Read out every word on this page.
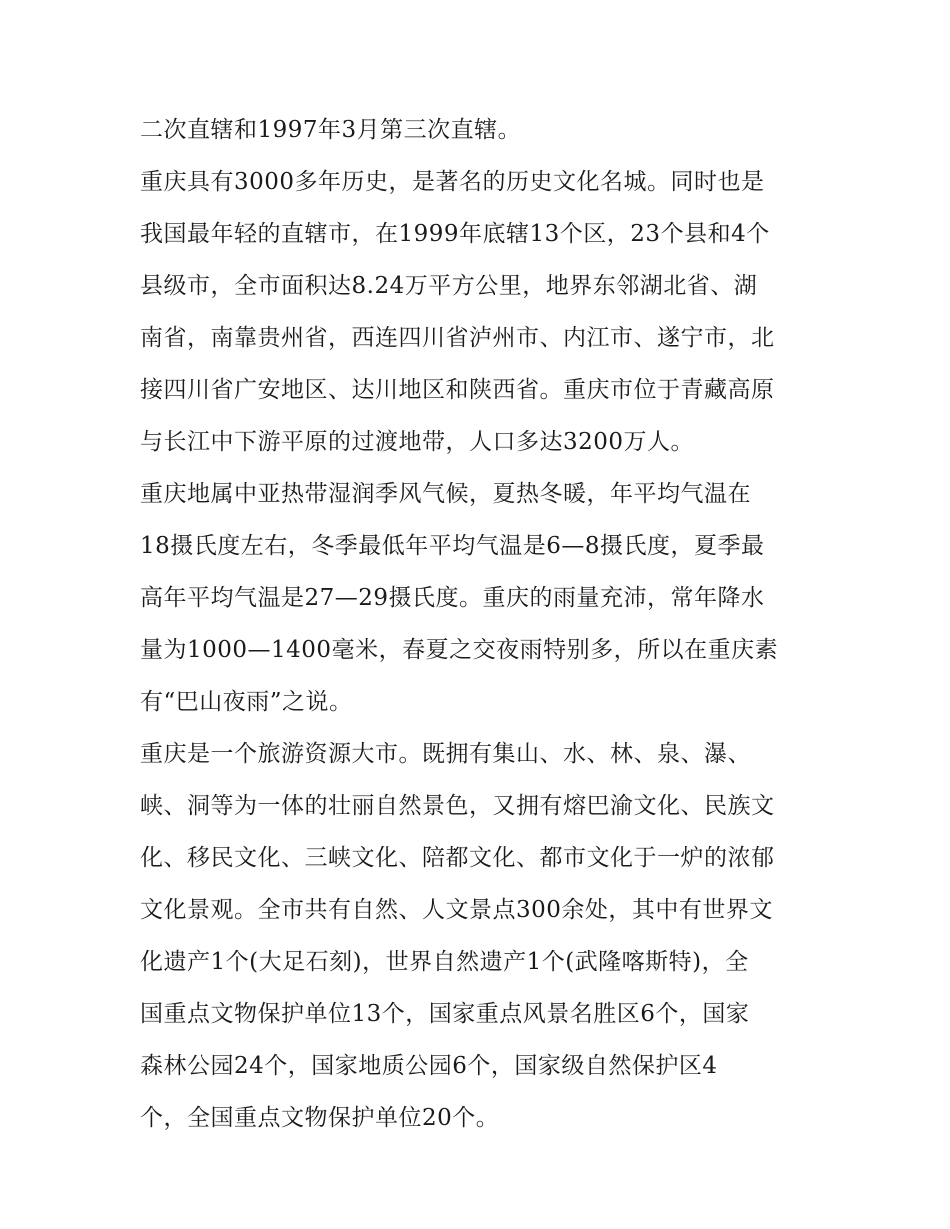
二次直辖和1997年3月第三次直辖。
重庆具有3000多年历史，是著名的历史文化名城。同时也是
我国最年轻的直辖市，在1999年底辖13个区，23个县和4个
县级市，全市面积达8.24万平方公里，地界东邻湖北省、湖
南省，南靠贵州省，西连四川省泸州市、内江市、遂宁市，北
接四川省广安地区、达川地区和陕西省。重庆市位于青藏高原
与长江中下游平原的过渡地带，人口多达3200万人。
重庆地属中亚热带湿润季风气候，夏热冬暖，年平均气温在
18摄氏度左右，冬季最低年平均气温是6—8摄氏度，夏季最
高年平均气温是27—29摄氏度。重庆的雨量充沛，常年降水
量为1000—1400毫米，春夏之交夜雨特别多，所以在重庆素
有“巴山夜雨”之说。
重庆是一个旅游资源大市。既拥有集山、水、林、泉、瀑、
峡、洞等为一体的壮丽自然景色，又拥有熔巴渝文化、民族文
化、移民文化、三峡文化、陪都文化、都市文化于一炉的浓郁
文化景观。全市共有自然、人文景点300余处，其中有世界文
化遗产1个(大足石刻)，世界自然遗产1个(武隆喀斯特)，全
国重点文物保护单位13个，国家重点风景名胜区6个，国家
森林公园24个，国家地质公园6个，国家级自然保护区4
个，全国重点文物保护单位20个。
